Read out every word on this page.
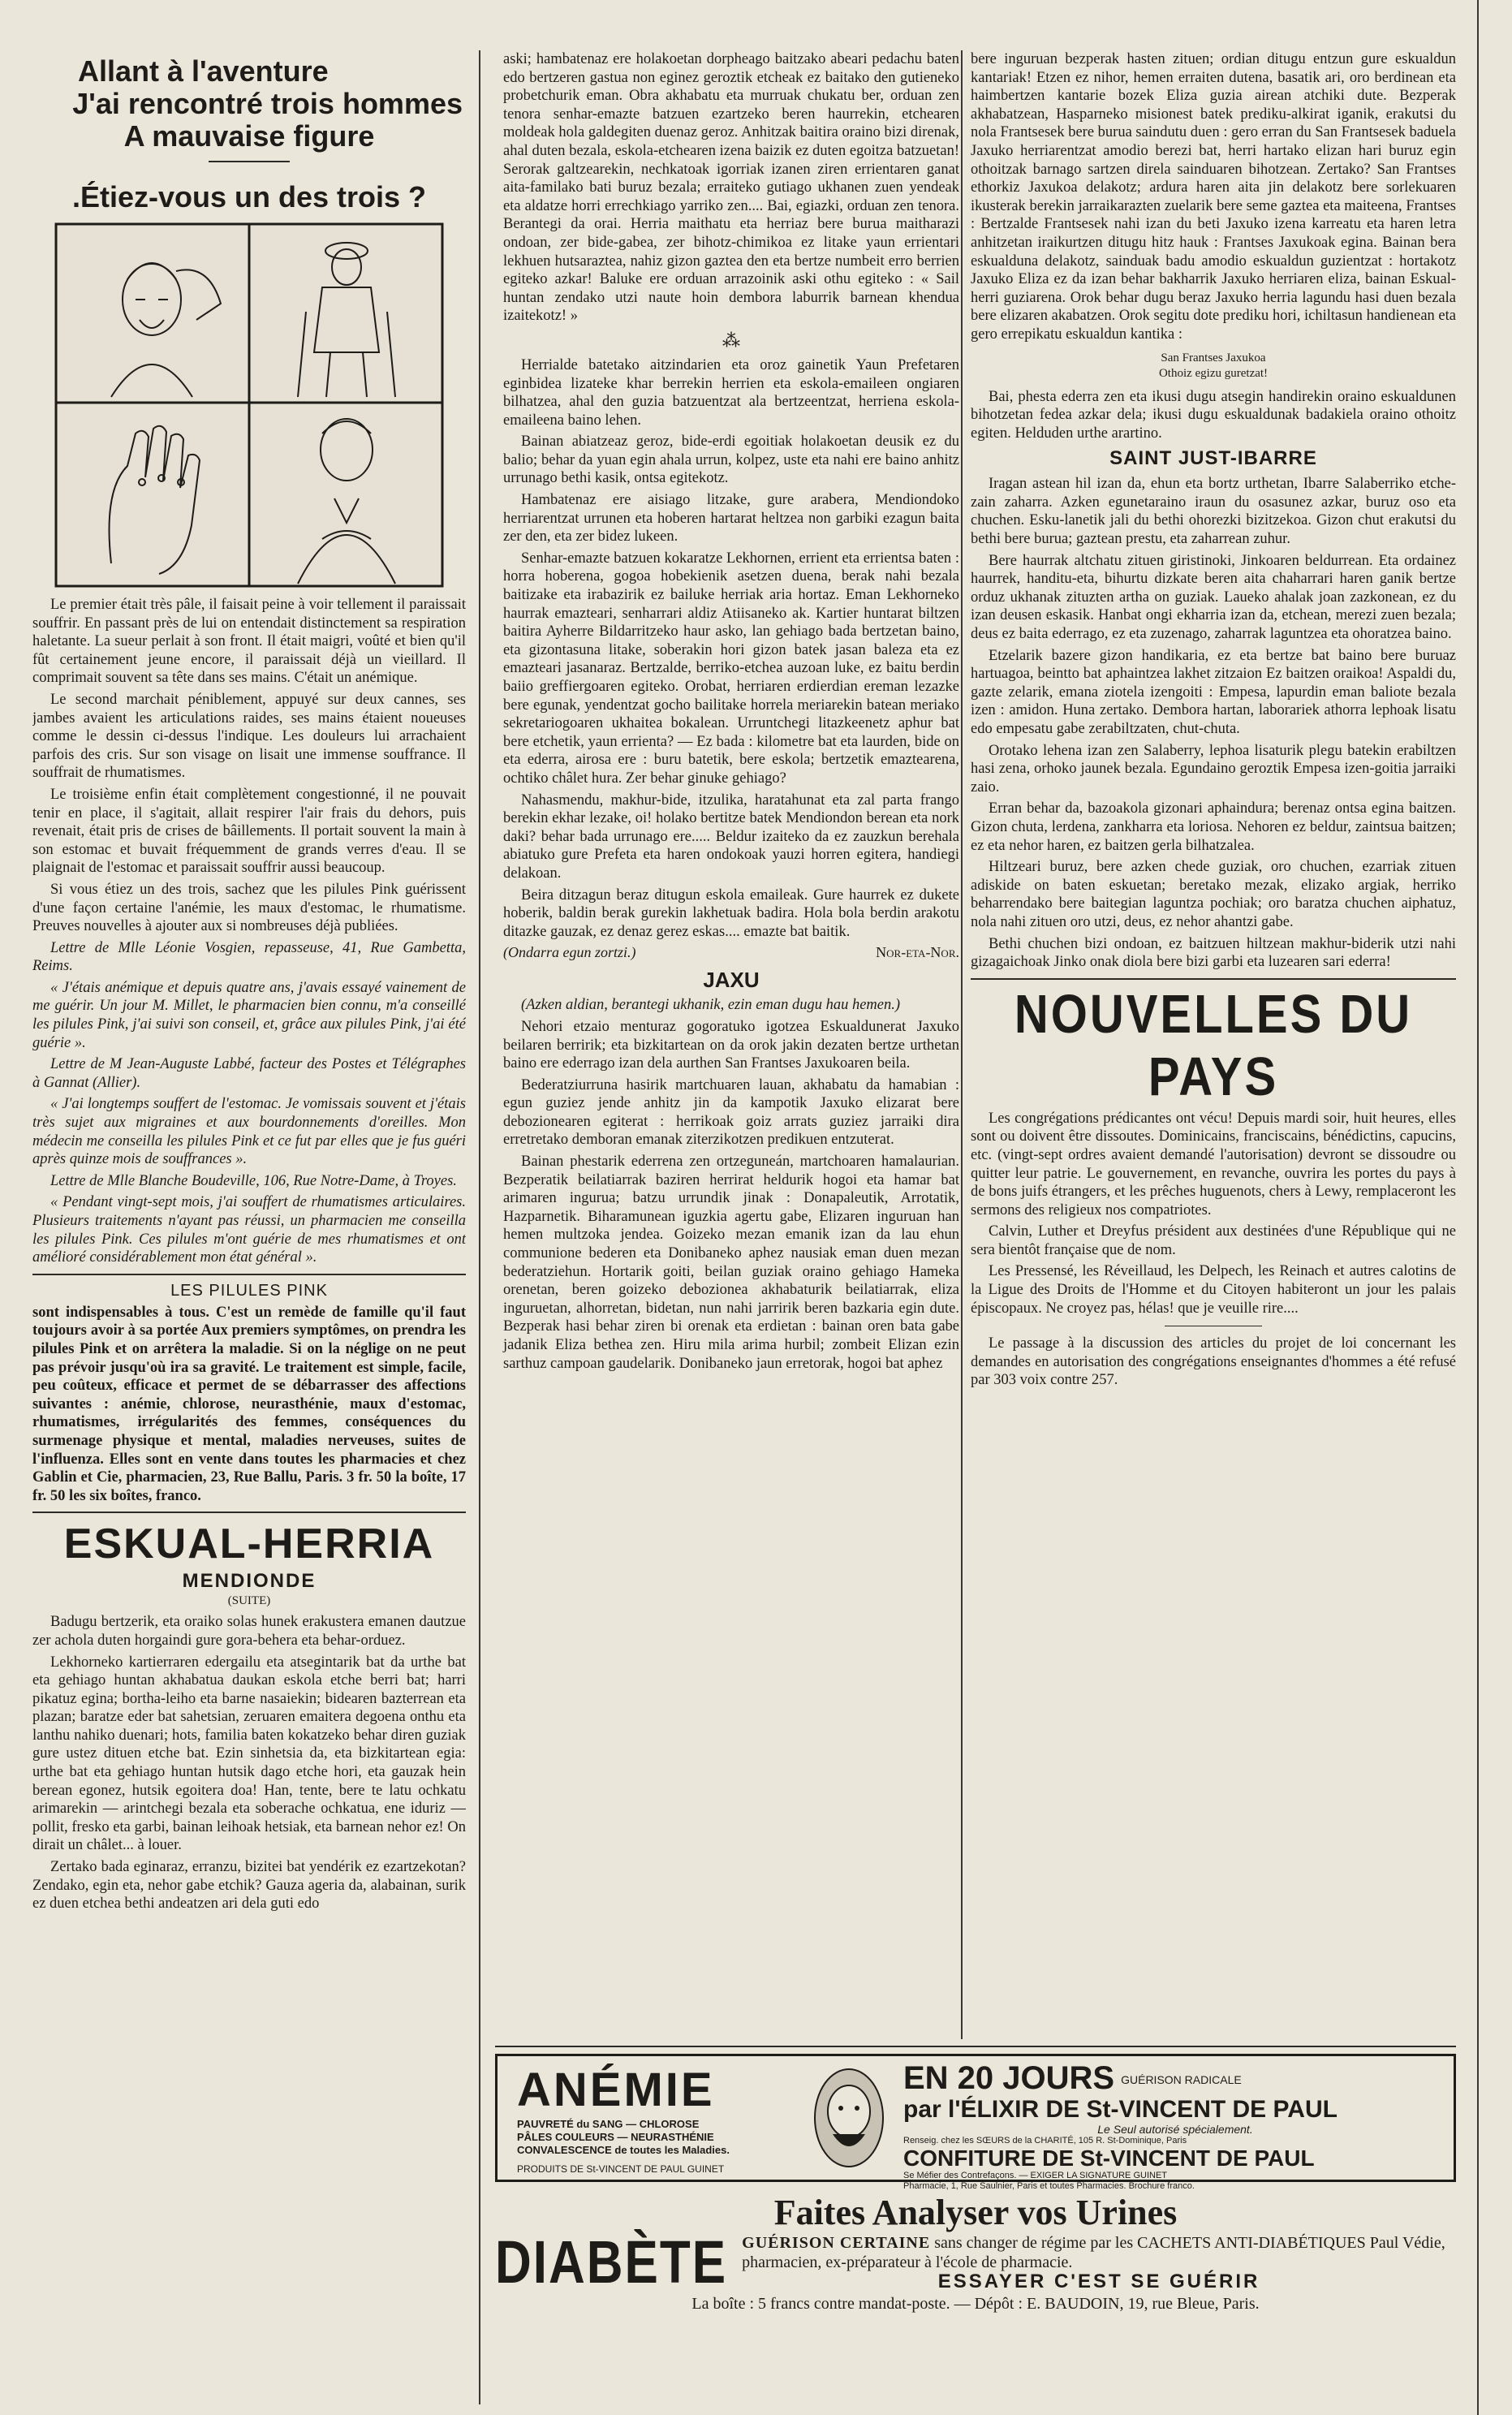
Allant à l'aventure
J'ai rencontré trois hommes
A mauvaise figure
.Étiez-vous un des trois ?

Le premier était très pâle, il faisait peine à voir tellement il paraissait souffrir. En passant près de lui on entendait distinctement sa respiration haletante. La sueur perlait à son front. Il était maigri, voûté et bien qu'il fût certainement jeune encore, il paraissait déjà un vieillard. Il comprimait souvent sa tête dans ses mains. C'était un anémique.

Le second marchait péniblement, appuyé sur deux cannes, ses jambes avaient les articulations raides, ses mains étaient noueuses comme le dessin ci-dessus l'indique. Les douleurs lui arrachaient parfois des cris. Sur son visage on lisait une immense souffrance. Il souffrait de rhumatismes.

Le troisième enfin était complètement congestionné, il ne pouvait tenir en place, il s'agitait, allait respirer l'air frais du dehors, puis revenait, était pris de crises de bâillements. Il portait souvent la main à son estomac et buvait fréquemment de grands verres d'eau. Il se plaignait de l'estomac et paraissait souffrir aussi beaucoup.

Si vous étiez un des trois, sachez que les pilules Pink guérissent d'une façon certaine l'anémie, les maux d'estomac, le rhumatisme. Preuves nouvelles à ajouter aux si nombreuses déjà publiées.

Lettre de Mlle Léonie Vosgien, repasseuse, 41, Rue Gambetta, Reims.

« J'étais anémique et depuis quatre ans, j'avais essayé vainement de me guérir. Un jour M. Millet, le pharmacien bien connu, m'a conseillé les pilules Pink, j'ai suivi son conseil, et, grâce aux pilules Pink, j'ai été guérie ».

Lettre de M Jean-Auguste Labbé, facteur des Postes et Télégraphes à Gannat (Allier).

« J'ai longtemps souffert de l'estomac. Je vomissais souvent et j'étais très sujet aux migraines et aux bourdonnements d'oreilles. Mon médecin me conseilla les pilules Pink et ce fut par elles que je fus guéri après quinze mois de souffrances ».

Lettre de Mlle Blanche Boudeville, 106, Rue Notre-Dame, à Troyes.

« Pendant vingt-sept mois, j'ai souffert de rhumatismes articulaires. Plusieurs traitements n'ayant pas réussi, un pharmacien me conseilla les pilules Pink. Ces pilules m'ont guérie de mes rhumatismes et ont amélioré considérablement mon état général ».

LES PILULES PINK

sont indispensables à tous. C'est un remède de famille qu'il faut toujours avoir à sa portée Aux premiers symptômes, on prendra les pilules Pink et on arrêtera la maladie. Si on la néglige on ne peut pas prévoir jusqu'où ira sa gravité. Le traitement est simple, facile, peu coûteux, efficace et permet de se débarrasser des affections suivantes : anémie, chlorose, neurasthénie, maux d'estomac, rhumatismes, irrégularités des femmes, conséquences du surmenage physique et mental, maladies nerveuses, suites de l'influenza. Elles sont en vente dans toutes les pharmacies et chez Gablin et Cie, pharmacien, 23, Rue Ballu, Paris. 3 fr. 50 la boîte, 17 fr. 50 les six boîtes, franco.

ESKUAL-HERRIA
MENDIONDE
(SUITE)

Badugu bertzerik, eta oraiko solas hunek erakustera emanen dautzue zer achola duten horgaindi gure gora-behera eta behar-orduez.

Lekhorneko kartierraren edergailu eta atsegintarik bat da urthe bat eta gehiago huntan akhabatua daukan eskola etche berri bat; harri pikatuz egina; bortha-leiho eta barne nasaiekin; bidearen bazterrean eta plazan; baratze eder bat sahetsian, zeruaren emaitera degoena onthu eta lanthu nahiko duenari; hots, familia baten kokatzeko behar diren guziak gure ustez dituen etche bat. Ezin sinhetsia da, eta bizkitartean egia: urthe bat eta gehiago huntan hutsik dago etche hori, eta gauzak hein berean egonez, hutsik egoitera doa! Han, tente, bere te latu ochkatu arimarekin — arintchegi bezala eta soberache ochkatua, ene iduriz — pollit, fresko eta garbi, bainan leihoak hetsiak, eta barnean nehor ez! On dirait un châlet... à louer.

Zertako bada eginaraz, erranzu, bizitei bat yendérik ez ezartzekotan? Zendako, egin eta, nehor gabe etchik? Gauza ageria da, alabainan, surik ez duen etchea bethi andeatzen ari dela guti edo

aski; hambatenaz ere holakoetan dorpheago baitzako abeari pedachu baten edo bertzeren gastua non eginez geroztik etcheak ez baitako den gutieneko probetchurik eman. Obra akhabatu eta murruak chukatu ber, orduan zen tenora senhar-emazte batzuen ezartzeko beren haurrekin, etchearen moldeak hola galdegiten duenaz geroz. Anhitzak baitira oraino bizi direnak, ahal duten bezala, eskola-etchearen izena baizik ez duten egoitza batzuetan! Serorak galtzearekin, nechkatoak igorriak izanen ziren errientaren ganat aita-familako bati buruz bezala; erraiteko gutiago ukhanen zuen yendeak eta aldatze horri errechkiago yarriko zen.... Bai, egiazki, orduan zen tenora. Berantegi da orai. Herria maithatu eta herriaz bere burua maitharazi ondoan, zer bide-gabea, zer bihotz-chimikoa ez litake yaun errientari lekhuen hutsaraztea, nahiz gizon gaztea den eta bertze numbeit erro berrien egiteko azkar! Baluke ere orduan arrazoinik aski othu egiteko : « Sail huntan zendako utzi naute hoin dembora laburrik barnean khendua izaitekotz! »

⁂

Herrialde batetako aitzindarien eta oroz gainetik Yaun Prefetaren eginbidea lizateke khar berrekin herrien eta eskola-emaileen ongiaren bilhatzea, ahal den guzia batzuentzat ala bertzeentzat, herriena eskola-emaileena baino lehen.

Bainan abiatzeaz geroz, bide-erdi egoitiak holakoetan deusik ez du balio; behar da yuan egin ahala urrun, kolpez, uste eta nahi ere baino anhitz urrunago bethi kasik, ontsa egitekotz.

Hambatenaz ere aisiago litzake, gure arabera, Mendiondoko herriarentzat urrunen eta hoberen hartarat heltzea non garbiki ezagun baita zer den, eta zer bidez lukeen.

Senhar-emazte batzuen kokaratze Lekhornen, errient eta errientsa baten : horra hoberena, gogoa hobekienik asetzen duena, berak nahi bezala baitizake eta irabazirik ez bailuke herriak aria hortaz. Eman Lekhorneko haurrak emazteari, senharrari aldiz Atiisaneko ak. Kartier huntarat biltzen baitira Ayherre Bildarritzeko haur asko, lan gehiago bada bertzetan baino, eta gizontasuna litake, soberakin hori gizon batek jasan baleza eta ez emazteari jasanaraz. Bertzalde, berriko-etchea auzoan luke, ez baitu berdin baiio greffiergoaren egiteko. Orobat, herriaren erdierdian ereman lezazke bere egunak, yendentzat gocho bailitake horrela meriarekin batean meriako sekretariogoaren ukhaitea bokalean. Urruntchegi litazkeenetz aphur bat bere etchetik, yaun errienta? — Ez bada : kilometre bat eta laurden, bide on eta ederra, airosa ere : buru batetik, bere eskola; bertzetik emaztearena, ochtiko châlet hura. Zer behar ginuke gehiago?

Nahasmendu, makhur-bide, itzulika, haratahunat eta zal parta frango berekin ekhar lezake, oi! holako bertitze batek Mendiondon berean eta nork daki? behar bada urrunago ere..... Beldur izaiteko da ez zauzkun berehala abiatuko gure Prefeta eta haren ondokoak yauzi horren egitera, handiegi delakoan.

Beira ditzagun beraz ditugun eskola emaileak. Gure haurrek ez dukete hoberik, baldin berak gurekin lakhetuak badira. Hola bola berdin arakotu ditazke gauzak, ez denaz gerez eskas.... emazte bat baitik.

(Ondarra egun zortzi.)	Nor-eta-Nor.
JAXU

(Azken aldian, berantegi ukhanik, ezin eman dugu hau hemen.)

Nehori etzaio menturaz gogoratuko igotzea Eskualdunerat Jaxuko beilaren berririk; eta bizkitartean on da orok jakin dezaten bertze urthetan baino ere ederrago izan dela aurthen San Frantses Jaxukoaren beila.

Bederatziurruna hasirik martchuaren lauan, akhabatu da hamabian : egun guziez jende anhitz jin da kampotik Jaxuko elizarat bere debozionearen egiterat : herrikoak goiz arrats guziez jarraiki dira erretretako demboran emanak ziterzikotzen predikuen entzuterat.

Bainan phestarik ederrena zen ortzeguneán, martchoaren hamalaurian. Bezperatik beilatiarrak baziren herrirat heldurik hogoi eta hamar bat arimaren ingurua; batzu urrundik jinak : Donapaleutik, Arrotatik, Hazparnetik. Biharamunean iguzkia agertu gabe, Elizaren inguruan han hemen multzoka jendea. Goizeko mezan emanik izan da lau ehun communione bederen eta Donibaneko aphez nausiak eman duen mezan bederatziehun. Hortarik goiti, beilan guziak oraino gehiago Hameka orenetan, beren goizeko debozionea akhabaturik beilatiarrak, eliza inguruetan, alhorretan, bidetan, nun nahi jarririk beren bazkaria egin dute. Bezperak hasi behar ziren bi orenak eta erdietan : bainan oren bata gabe jadanik Eliza bethea zen. Hiru mila arima hurbil; zombeit Elizan ezin sarthuz campoan gaudelarik. Donibaneko jaun erretorak, hogoi bat aphez

bere inguruan bezperak hasten zituen; ordian ditugu entzun gure eskualdun kantariak! Etzen ez nihor, hemen erraiten dutena, basatik ari, oro berdinean eta haimbertzen kantarie bozek Eliza guzia airean atchiki dute. Bezperak akhabatzean, Hasparneko misionest batek prediku-alkirat iganik, erakutsi du nola Frantsesek bere burua saindutu duen : gero erran du San Frantsesek baduela Jaxuko herriarentzat amodio berezi bat, herri hartako elizan hari buruz egin othoitzak barnago sartzen direla sainduaren bihotzean. Zertako? San Frantses ethorkiz Jaxukoa delakotz; ardura haren aita jin delakotz bere sorlekuaren ikusterak berekin jarraikarazten zuelarik bere seme gaztea eta maiteena, Frantses : Bertzalde Frantsesek nahi izan du beti Jaxuko izena karreatu eta haren letra anhitzetan iraikurtzen ditugu hitz hauk : Frantses Jaxukoak egina. Bainan bera eskualduna delakotz, sainduak badu amodio eskualdun guzientzat : hortakotz Jaxuko Eliza ez da izan behar bakharrik Jaxuko herriaren eliza, bainan Eskual-herri guziarena. Orok behar dugu beraz Jaxuko herria lagundu hasi duen bezala bere elizaren akabatzen. Orok segitu dote prediku hori, ichiltasun handienean eta gero errepikatu eskualdun kantika :

San Frantses Jaxukoa
Othoiz egizu guretzat!

Bai, phesta ederra zen eta ikusi dugu atsegin handirekin oraino eskualdunen bihotzetan fedea azkar dela; ikusi dugu eskualdunak badakiela oraino othoitz egiten. Helduden urthe arartino.

SAINT JUST-IBARRE

Iragan astean hil izan da, ehun eta bortz urthetan, Ibarre Salaberriko etche-zain zaharra. Azken egunetaraino iraun du osasunez azkar, buruz oso eta chuchen. Esku-lanetik jali du bethi ohorezki bizitzekoa. Gizon chut erakutsi du bethi bere burua; gaztean prestu, eta zaharrean zuhur.

Bere haurrak altchatu zituen giristinoki, Jinkoaren beldurrean. Eta ordainez haurrek, handitu-eta, bihurtu dizkate beren aita chaharrari haren ganik bertze orduz ukhanak zituzten artha on guziak. Laueko ahalak joan zazkonean, ez du izan deusen eskasik. Hanbat ongi ekharria izan da, etchean, merezi zuen bezala; deus ez baita ederrago, ez eta zuzenago, zaharrak laguntzea eta ohoratzea baino.

Etzelarik bazere gizon handikaria, ez eta bertze bat baino bere buruaz hartuagoa, beintto bat aphaintzea lakhet zitzaion Ez baitzen oraikoa! Aspaldi du, gazte zelarik, emana ziotela izengoiti : Empesa, lapurdin eman baliote bezala izen : amidon. Huna zertako. Dembora hartan, laborariek athorra lephoak lisatu edo empesatu gabe zerabiltzaten, chut-chuta.

Orotako lehena izan zen Salaberry, lephoa lisaturik plegu batekin erabiltzen hasi zena, orhoko jaunek bezala. Egundaino geroztik Empesa izen-goitia jarraiki zaio.

Erran behar da, bazoakola gizonari aphaindura; berenaz ontsa egina baitzen. Gizon chuta, lerdena, zankharra eta loriosa. Nehoren ez beldur, zaintsua baitzen; ez eta nehor haren, ez baitzen gerla bilhatzalea.

Hiltzeari buruz, bere azken chede guziak, oro chuchen, ezarriak zituen adiskide on baten eskuetan; beretako mezak, elizako argiak, herriko beharrendako bere baitegian laguntza pochiak; oro baratza chuchen aiphatuz, nola nahi zituen oro utzi, deus, ez nehor ahantzi gabe.

Bethi chuchen bizi ondoan, ez baitzuen hiltzean makhur-biderik utzi nahi gizagaichoak Jinko onak diola bere bizi garbi eta luzearen sari ederra!

NOUVELLES DU PAYS

Les congrégations prédicantes ont vécu! Depuis mardi soir, huit heures, elles sont ou doivent être dissoutes. Dominicains, franciscains, bénédictins, capucins, etc. (vingt-sept ordres avaient demandé l'autorisation) devront se dissoudre ou quitter leur patrie. Le gouvernement, en revanche, ouvrira les portes du pays à de bons juifs étrangers, et les prêches huguenots, chers à Lewy, remplaceront les sermons des religieux nos compatriotes.

Calvin, Luther et Dreyfus président aux destinées d'une République qui ne sera bientôt française que de nom.

Les Pressensé, les Réveillaud, les Delpech, les Reinach et autres calotins de la Ligue des Droits de l'Homme et du Citoyen habiteront un jour les palais épiscopaux. Ne croyez pas, hélas! que je veuille rire....

Le passage à la discussion des articles du projet de loi concernant les demandes en autorisation des congrégations enseignantes d'hommes a été refusé par 303 voix contre 257.

ANÉMIE
PAUVRETÉ du SANG — CHLOROSE
PÂLES COULEURS — NEURASTHÉNIE
CONVALESCENCE de toutes les Maladies.
PRODUITS DE St-VINCENT DE PAUL GUINET
EN 20 JOURS GUÉRISON RADICALE
par l'ÉLIXIR DE St-VINCENT DE PAUL
Le Seul autorisé spécialement.
Renseig. chez les SŒURS de la CHARITÉ, 105 R. St-Dominique, Paris
CONFITURE DE St-VINCENT DE PAUL
Se Méfier des Contrefaçons. — EXIGER LA SIGNATURE GUINET
Pharmacie, 1, Rue Saulnier, Paris et toutes Pharmacies. Brochure franco.
Faites Analyser vos Urines
DIABÈTE GUÉRISON CERTAINE sans changer de régime par les CACHETS ANTI-DIABÉTIQUES Paul Védie, pharmacien, ex-préparateur à l'école de pharmacie.
ESSAYER C'EST SE GUÉRIR
La boîte : 5 francs contre mandat-poste. — Dépôt : E. BAUDOIN, 19, rue Bleue, Paris.
